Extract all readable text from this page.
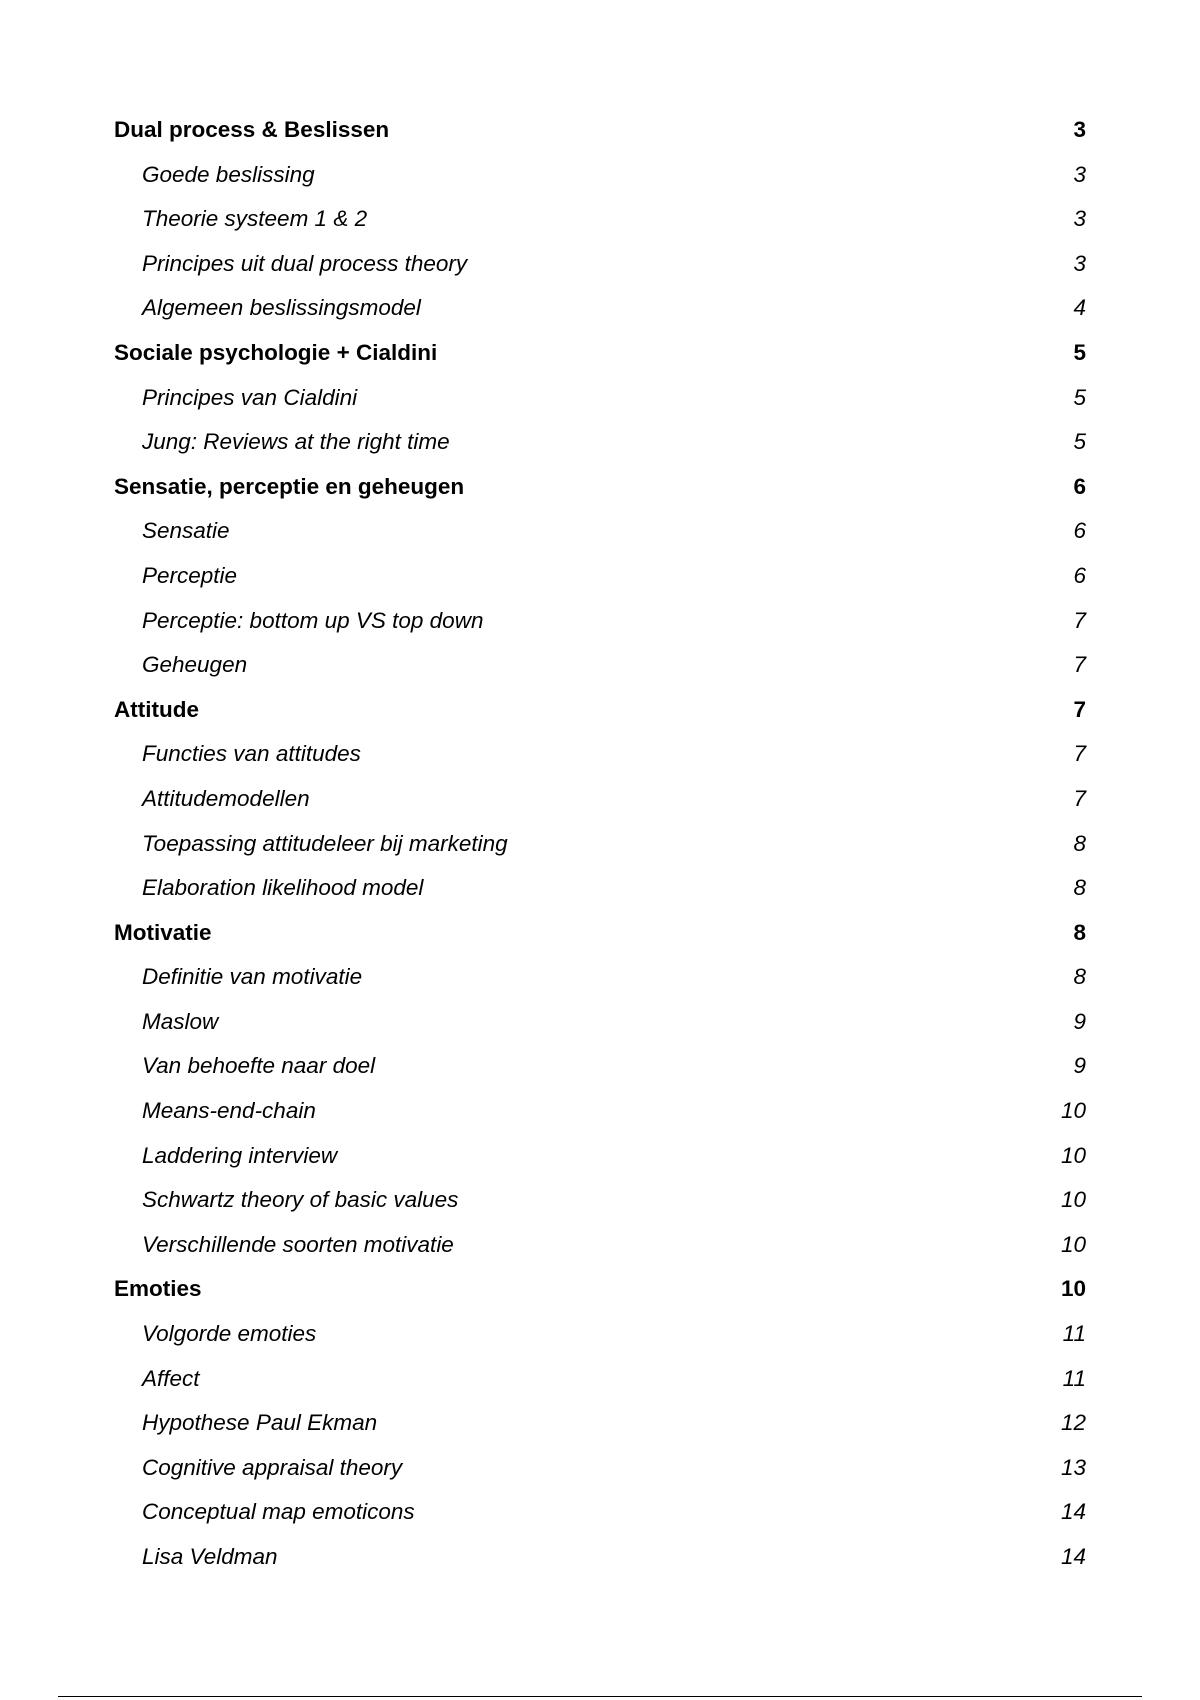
Dual process & Beslissen	3
Goede beslissing	3
Theorie systeem 1 & 2	3
Principes uit dual process theory	3
Algemeen beslissingsmodel	4
Sociale psychologie + Cialdini	5
Principes van Cialdini	5
Jung: Reviews at the right time	5
Sensatie, perceptie en geheugen	6
Sensatie	6
Perceptie	6
Perceptie: bottom up VS top down	7
Geheugen	7
Attitude	7
Functies van attitudes	7
Attitudemodellen	7
Toepassing attitudeleer bij marketing	8
Elaboration likelihood model	8
Motivatie	8
Definitie van motivatie	8
Maslow	9
Van behoefte naar doel	9
Means-end-chain	10
Laddering interview	10
Schwartz theory of basic values	10
Verschillende soorten motivatie	10
Emoties	10
Volgorde emoties	11
Affect	11
Hypothese Paul Ekman	12
Cognitive appraisal theory	13
Conceptual map emoticons	14
Lisa Veldman	14
